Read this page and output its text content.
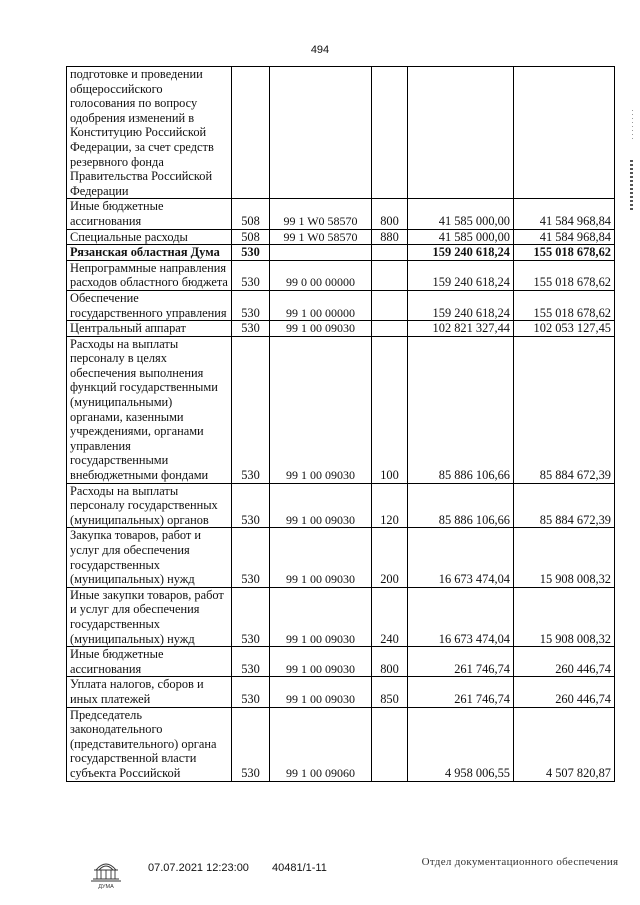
494
подготовке и проведении общероссийского голосования по вопросу одобрения изменений в Конституцию Российской Федерации, за счет средств резервного фонда Правительства Российской Федерации					
Иные бюджетные ассигнования	508	99 1 W0 58570	800	41 585 000,00	41 584 968,84
Специальные расходы	508	99 1 W0 58570	880	41 585 000,00	41 584 968,84
Рязанская областная Дума	530			159 240 618,24	155 018 678,62
Непрограммные направления расходов областного бюджета	530	99 0 00 00000		159 240 618,24	155 018 678,62
Обеспечение государственного управления	530	99 1 00 00000		159 240 618,24	155 018 678,62
Центральный аппарат	530	99 1 00 09030		102 821 327,44	102 053 127,45
Расходы на выплаты персоналу в целях обеспечения выполнения функций государственными (муниципальными) органами, казенными учреждениями, органами управления государственными внебюджетными фондами	530	99 1 00 09030	100	85 886 106,66	85 884 672,39
Расходы на выплаты персоналу государственных (муниципальных) органов	530	99 1 00 09030	120	85 886 106,66	85 884 672,39
Закупка товаров, работ и услуг для обеспечения государственных (муниципальных) нужд	530	99 1 00 09030	200	16 673 474,04	15 908 008,32
Иные закупки товаров, работ и услуг для обеспечения государственных (муниципальных) нужд	530	99 1 00 09030	240	16 673 474,04	15 908 008,32
Иные бюджетные ассигнования	530	99 1 00 09030	800	261 746,74	260 446,74
Уплата налогов, сборов и иных платежей	530	99 1 00 09030	850	261 746,74	260 446,74
Председатель законодательного (представительного) органа государственной власти субъекта Российской	530	99 1 00 09060		4 958 006,55	4 507 820,87
ДУМА
07.07.2021 12:23:00 40481/1-11	Отдел документационного обеспечения
